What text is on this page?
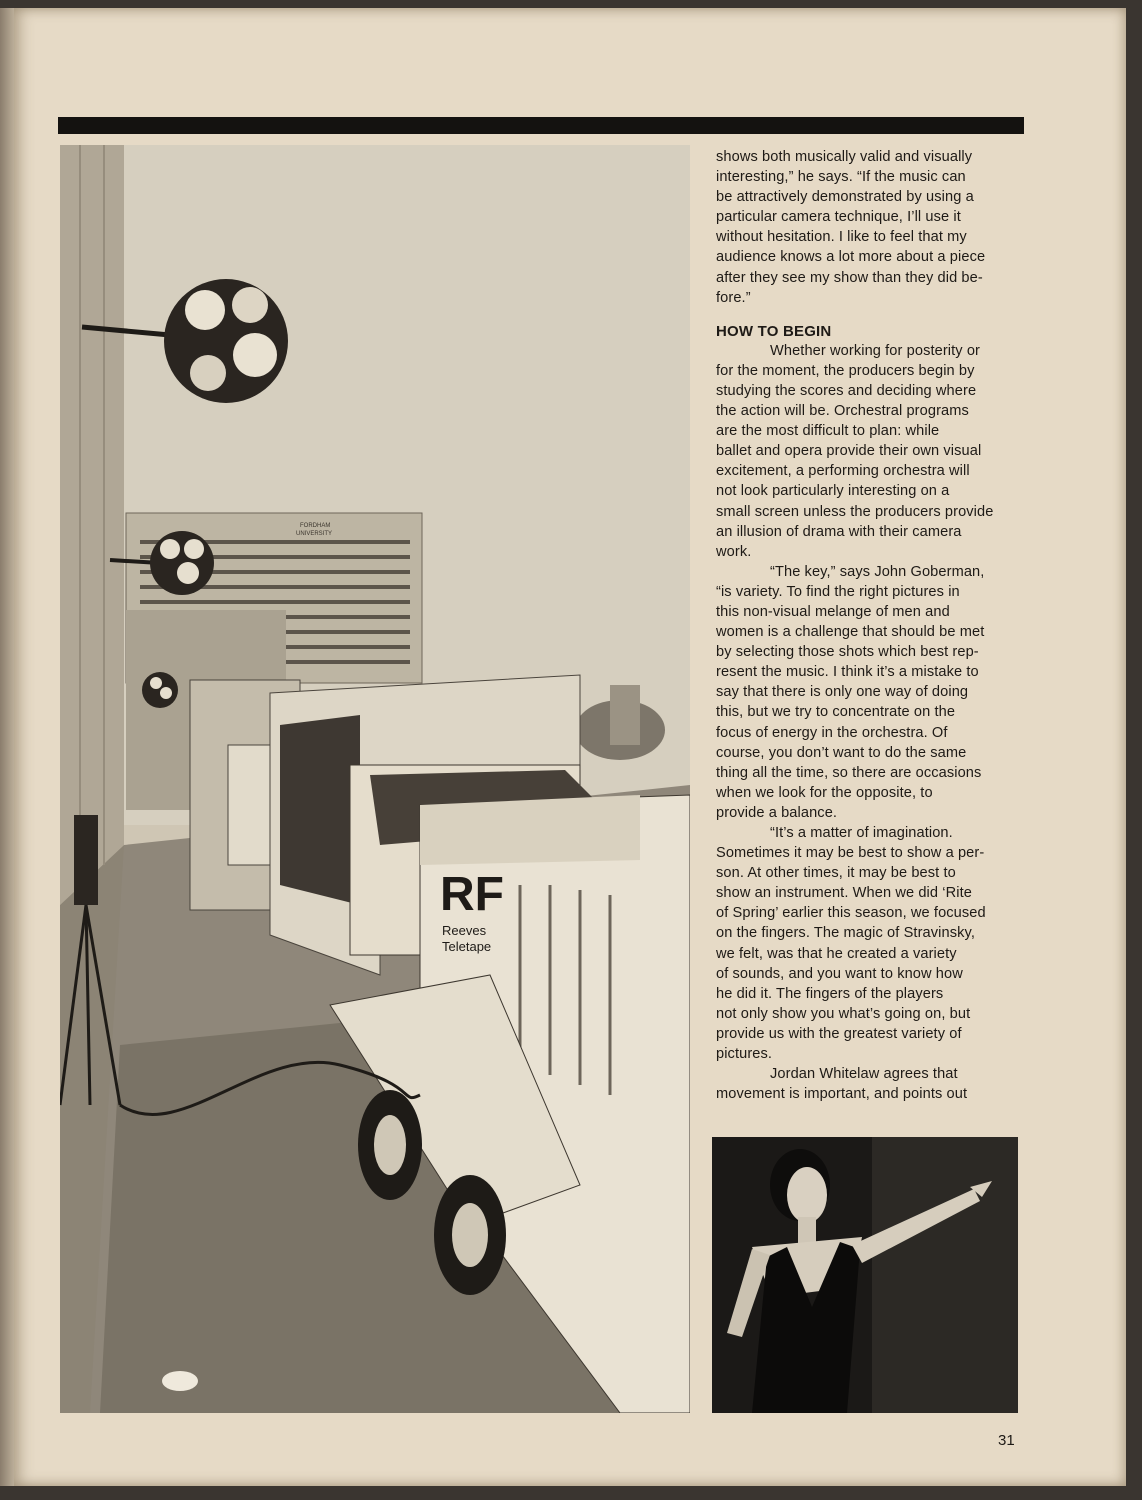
FORDHAM
UNIVERSITY
RF
Reeves
Teletape

shows both musically valid and visually
interesting,” he says. “If the music can
be attractively demonstrated by using a
particular camera technique, I’ll use it
without hesitation. I like to feel that my
audience knows a lot more about a piece
after they see my show than they did be-
fore.”

HOW TO BEGIN

Whether working for posterity or
for the moment, the producers begin by
studying the scores and deciding where
the action will be. Orchestral programs
are the most difficult to plan: while
ballet and opera provide their own visual
excitement, a performing orchestra will
not look particularly interesting on a
small screen unless the producers provide
an illusion of drama with their camera
work.

“The key,” says John Goberman,
“is variety. To find the right pictures in
this non-visual melange of men and
women is a challenge that should be met
by selecting those shots which best rep-
resent the music. I think it’s a mistake to
say that there is only one way of doing
this, but we try to concentrate on the
focus of energy in the orchestra. Of
course, you don’t want to do the same
thing all the time, so there are occasions
when we look for the opposite, to
provide a balance.

“It’s a matter of imagination.
Sometimes it may be best to show a per-
son. At other times, it may be best to
show an instrument. When we did ‘Rite
of Spring’ earlier this season, we focused
on the fingers. The magic of Stravinsky,
we felt, was that he created a variety
of sounds, and you want to know how
he did it. The fingers of the players
not only show you what’s going on, but
provide us with the greatest variety of
pictures.

Jordan Whitelaw agrees that
movement is important, and points out

31
